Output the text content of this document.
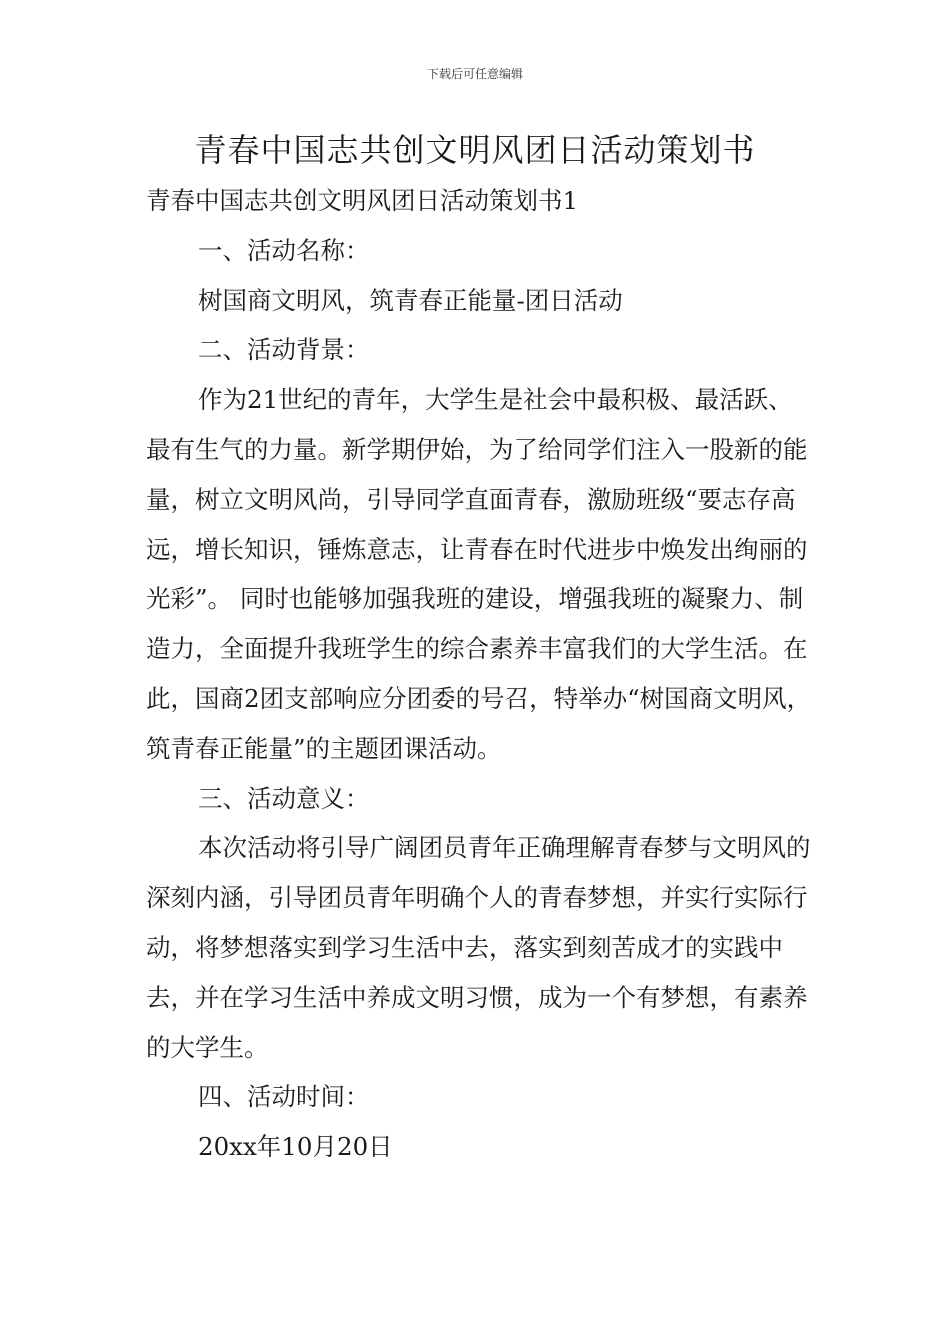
下载后可任意编辑
青春中国志共创文明风团日活动策划书

青春中国志共创文明风团日活动策划书1

一、活动名称：

树国商文明风，筑青春正能量-团日活动

二、活动背景：

作为21世纪的青年，大学生是社会中最积极、最活跃、最有生气的力量。新学期伊始，为了给同学们注入一股新的能量，树立文明风尚，引导同学直面青春，激励班级“要志存高远，增长知识，锤炼意志，让青春在时代进步中焕发出绚丽的光彩”。 同时也能够加强我班的建设，增强我班的凝聚力、制造力，全面提升我班学生的综合素养丰富我们的大学生活。在此，国商2团支部响应分团委的号召，特举办“树国商文明风，筑青春正能量”的主题团课活动。

三、活动意义：

本次活动将引导广阔团员青年正确理解青春梦与文明风的深刻内涵，引导团员青年明确个人的青春梦想，并实行实际行动，将梦想落实到学习生活中去，落实到刻苦成才的实践中去，并在学习生活中养成文明习惯，成为一个有梦想，有素养的大学生。

四、活动时间：

20xx年10月20日
